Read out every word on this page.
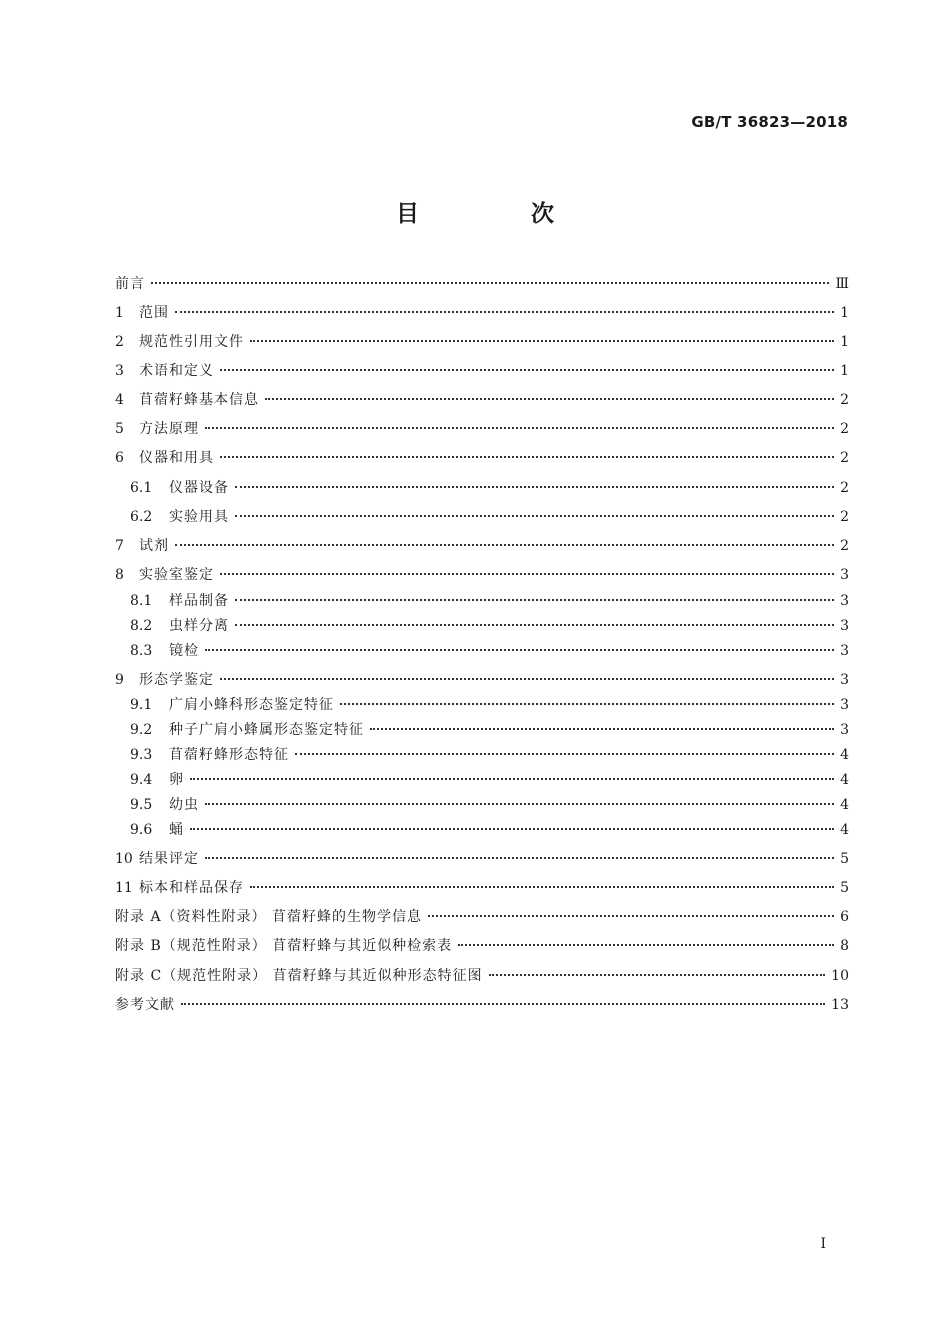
GB/T 36823—2018
目 次
前言	Ⅲ
1	范围	1
2	规范性引用文件	1
3	术语和定义	1
4	苜蓿籽蜂基本信息	2
5	方法原理	2
6	仪器和用具	2
6.1	仪器设备	2
6.2	实验用具	2
7	试剂	2
8	实验室鉴定	3
8.1	样品制备	3
8.2	虫样分离	3
8.3	镜检	3
9	形态学鉴定	3
9.1	广肩小蜂科形态鉴定特征	3
9.2	种子广肩小蜂属形态鉴定特征	3
9.3	苜蓿籽蜂形态特征	4
9.4	卵	4
9.5	幼虫	4
9.6	蛹	4
10 结果评定	5
11 标本和样品保存	5
附录 A（资料性附录） 苜蓿籽蜂的生物学信息	6
附录 B（规范性附录） 苜蓿籽蜂与其近似种检索表	8
附录 C（规范性附录） 苜蓿籽蜂与其近似种形态特征图	10
参考文献	13
Ⅰ
